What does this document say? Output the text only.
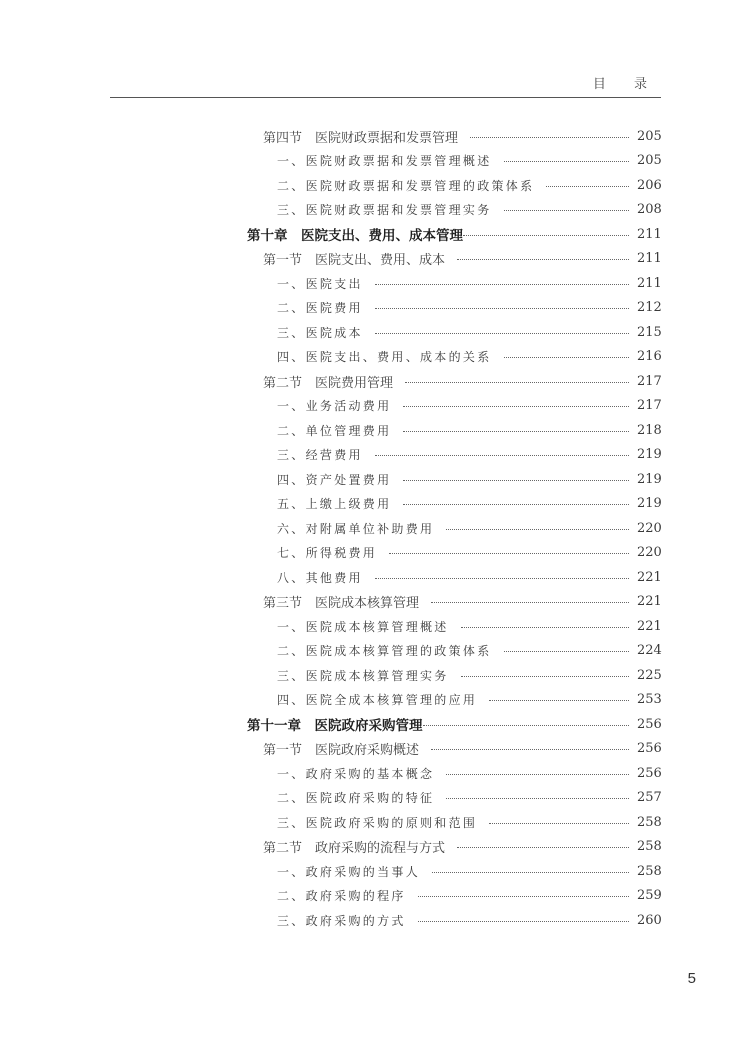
目 录
第四节　医院财政票据和发票管理	205
一、医院财政票据和发票管理概述	205
二、医院财政票据和发票管理的政策体系	206
三、医院财政票据和发票管理实务	208
第十章　医院支出、费用、成本管理	211
第一节　医院支出、费用、成本	211
一、医院支出	211
二、医院费用	212
三、医院成本	215
四、医院支出、费用、成本的关系	216
第二节　医院费用管理	217
一、业务活动费用	217
二、单位管理费用	218
三、经营费用	219
四、资产处置费用	219
五、上缴上级费用	219
六、对附属单位补助费用	220
七、所得税费用	220
八、其他费用	221
第三节　医院成本核算管理	221
一、医院成本核算管理概述	221
二、医院成本核算管理的政策体系	224
三、医院成本核算管理实务	225
四、医院全成本核算管理的应用	253
第十一章　医院政府采购管理	256
第一节　医院政府采购概述	256
一、政府采购的基本概念	256
二、医院政府采购的特征	257
三、医院政府采购的原则和范围	258
第二节　政府采购的流程与方式	258
一、政府采购的当事人	258
二、政府采购的程序	259
三、政府采购的方式	260
5
